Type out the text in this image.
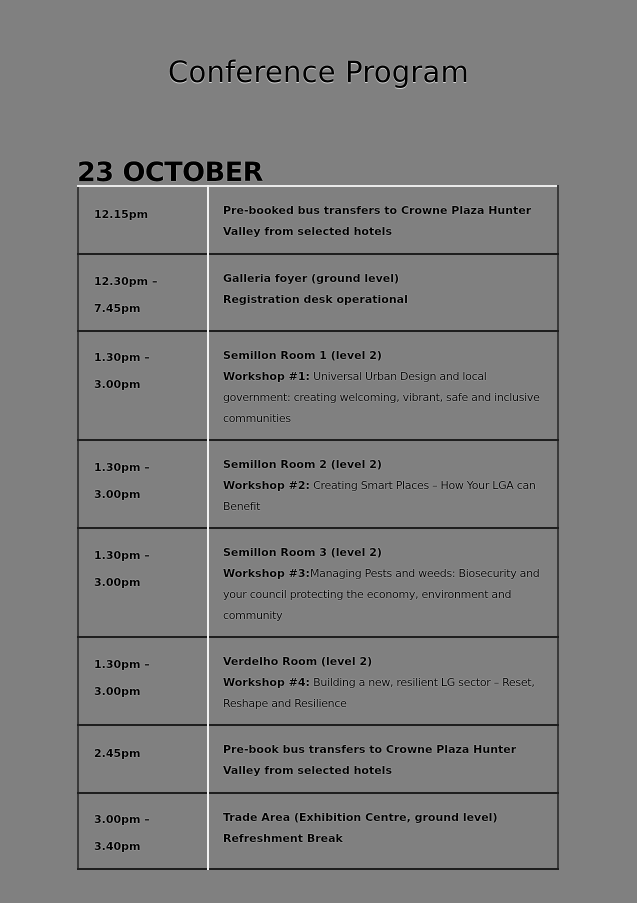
Conference Program
23 OCTOBER
12.15pm	Pre-booked bus transfers to Crowne Plaza Hunter Valley from selected hotels

12.30pm –
7.45pm	Galleria foyer (ground level)
Registration desk operational

1.30pm –
3.00pm	Semillon Room 1 (level 2)
Workshop #1: Universal Urban Design and local government: creating welcoming, vibrant, safe and inclusive communities

1.30pm –
3.00pm	Semillon Room 2 (level 2)
Workshop #2: Creating Smart Places – How Your LGA can Benefit

1.30pm –
3.00pm	Semillon Room 3 (level 2)
Workshop #3:Managing Pests and weeds: Biosecurity and your council protecting the economy, environment and community

1.30pm –
3.00pm	Verdelho Room (level 2)
Workshop #4: Building a new, resilient LG sector – Reset, Reshape and Resilience

2.45pm	Pre-book bus transfers to Crowne Plaza Hunter Valley from selected hotels

3.00pm –
3.40pm	Trade Area (Exhibition Centre, ground level)
Refreshment Break
